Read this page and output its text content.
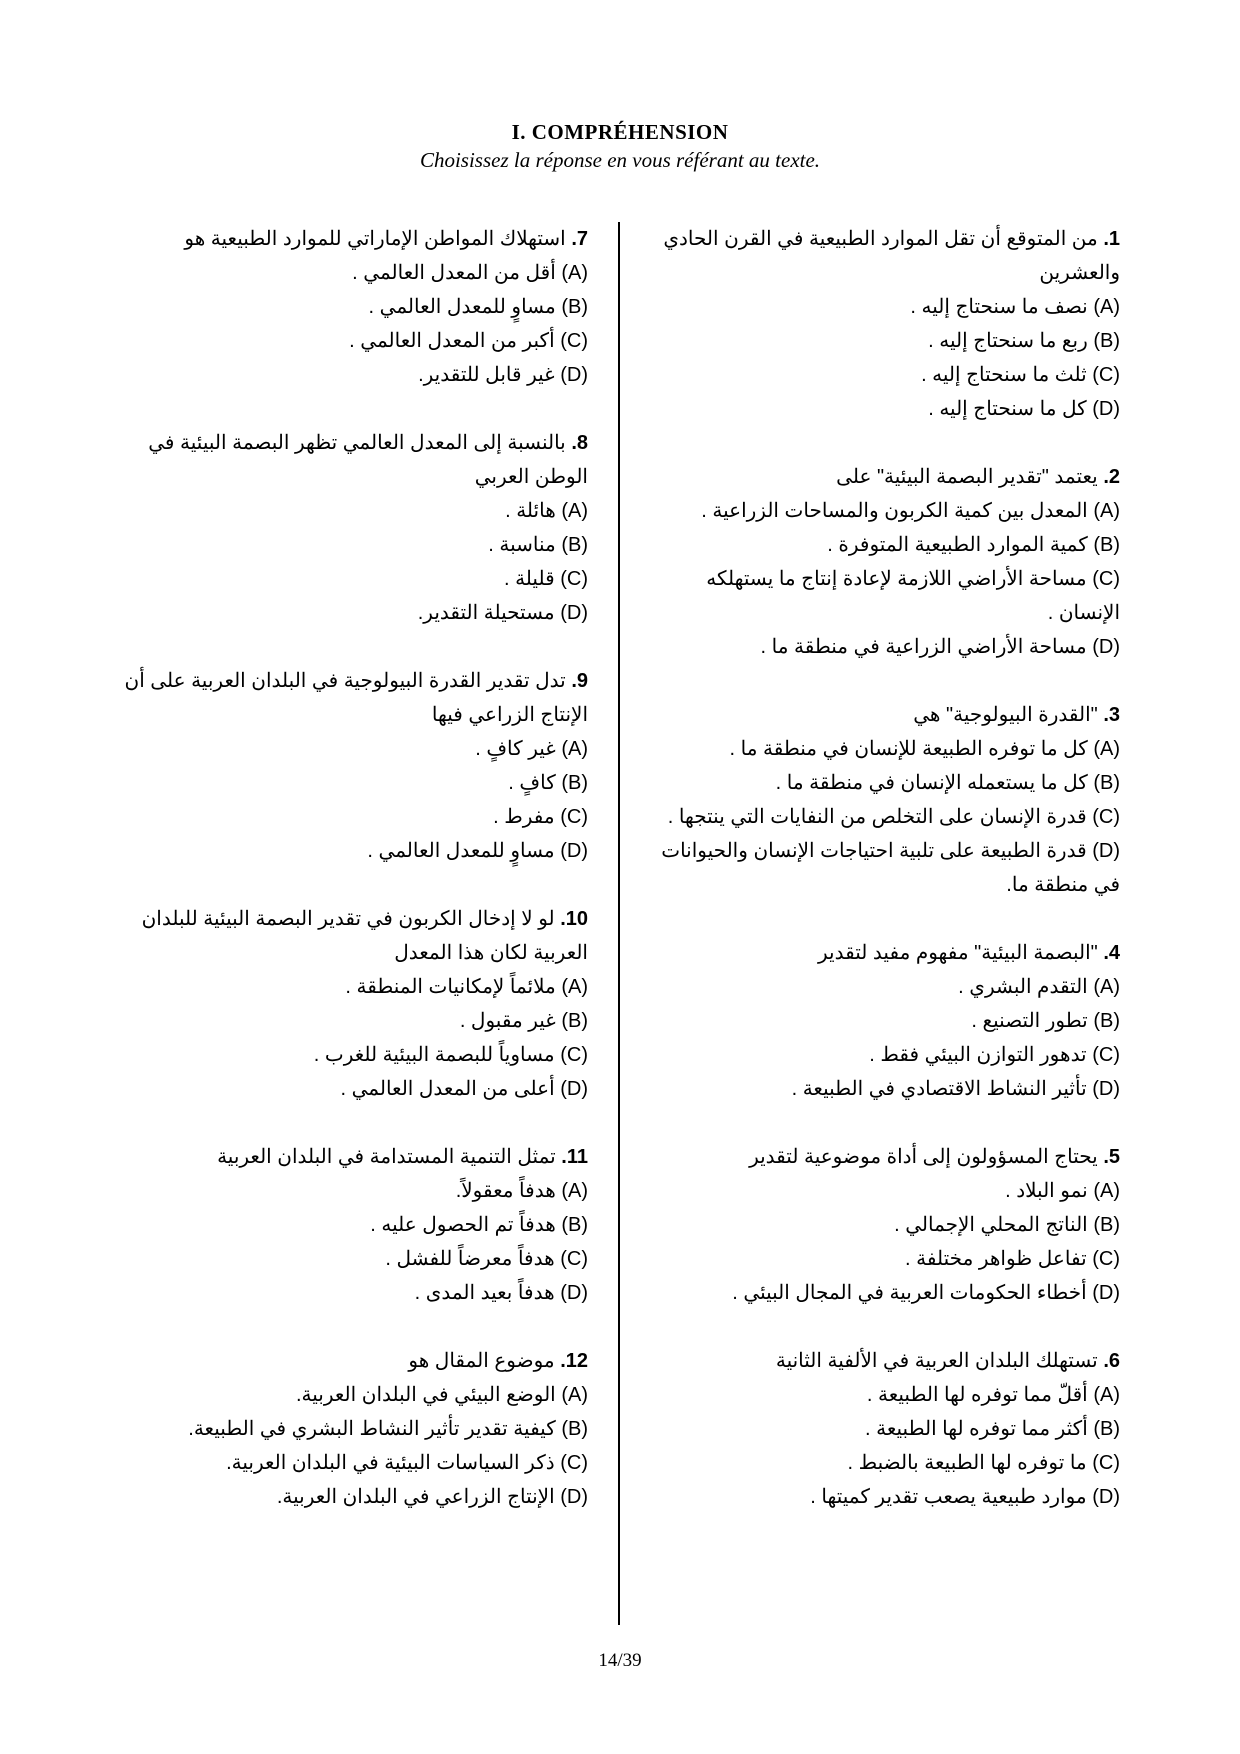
I. COMPRÉHENSION

Choisissez la réponse en vous référant au texte.

1. من المتوقع أن تقل الموارد الطبيعية في القرن الحادي والعشرين
(A) نصف ما سنحتاج إليه .
(B) ربع ما سنحتاج إليه .
(C) ثلث ما سنحتاج إليه .
(D) كل ما سنحتاج إليه .
2. يعتمد "تقدير البصمة البيئية" على
(A) المعدل بين كمية الكربون والمساحات الزراعية .
(B) كمية الموارد الطبيعية المتوفرة .
(C) مساحة الأراضي اللازمة لإعادة إنتاج ما يستهلكه الإنسان .
(D) مساحة الأراضي الزراعية في منطقة ما .
3. "القدرة البيولوجية" هي
(A) كل ما توفره الطبيعة للإنسان في منطقة ما .
(B) كل ما يستعمله الإنسان في منطقة ما .
(C) قدرة الإنسان على التخلص من النفايات التي ينتجها .
(D) قدرة الطبيعة على تلبية احتياجات الإنسان والحيوانات في منطقة ما.
4. "البصمة البيئية" مفهوم مفيد لتقدير
(A) التقدم البشري .
(B) تطور التصنيع .
(C) تدهور التوازن البيئي فقط .
(D) تأثير النشاط الاقتصادي في الطبيعة .
5. يحتاج المسؤولون إلى أداة موضوعية لتقدير
(A) نمو البلاد .
(B) الناتج المحلي الإجمالي .
(C) تفاعل ظواهر مختلفة .
(D) أخطاء الحكومات العربية في المجال البيئي .
6. تستهلك البلدان العربية في الألفية الثانية
(A) أقلّ مما توفره لها الطبيعة .
(B) أكثر مما توفره لها الطبيعة .
(C) ما توفره لها الطبيعة بالضبط .
(D) موارد طبيعية يصعب تقدير كميتها .
7. استهلاك المواطن الإماراتي للموارد الطبيعية هو
(A) أقل من المعدل العالمي .
(B) مساوٍ للمعدل العالمي .
(C) أكبر من المعدل العالمي .
(D) غير قابل للتقدير.
8. بالنسبة إلى المعدل العالمي تظهر البصمة البيئية في الوطن العربي
(A) هائلة .
(B) مناسبة .
(C) قليلة .
(D) مستحيلة التقدير.
9. تدل تقدير القدرة البيولوجية في البلدان العربية على أن الإنتاج الزراعي فيها
(A) غير كافٍ .
(B) كافٍ .
(C) مفرط .
(D) مساوٍ للمعدل العالمي .
10. لو لا إدخال الكربون في تقدير البصمة البيئية للبلدان العربية لكان هذا المعدل
(A) ملائماً لإمكانيات المنطقة .
(B) غير مقبول .
(C) مساوياً للبصمة البيئية للغرب .
(D) أعلى من المعدل العالمي .
11. تمثل التنمية المستدامة في البلدان العربية
(A) هدفاً معقولاً.
(B) هدفاً تم الحصول عليه .
(C) هدفاً معرضاً للفشل .
(D) هدفاً بعيد المدى .
12. موضوع المقال هو
(A) الوضع البيئي في البلدان العربية.
(B) كيفية تقدير تأثير النشاط البشري في الطبيعة.
(C) ذكر السياسات البيئية في البلدان العربية.
(D) الإنتاج الزراعي في البلدان العربية.
14/39
